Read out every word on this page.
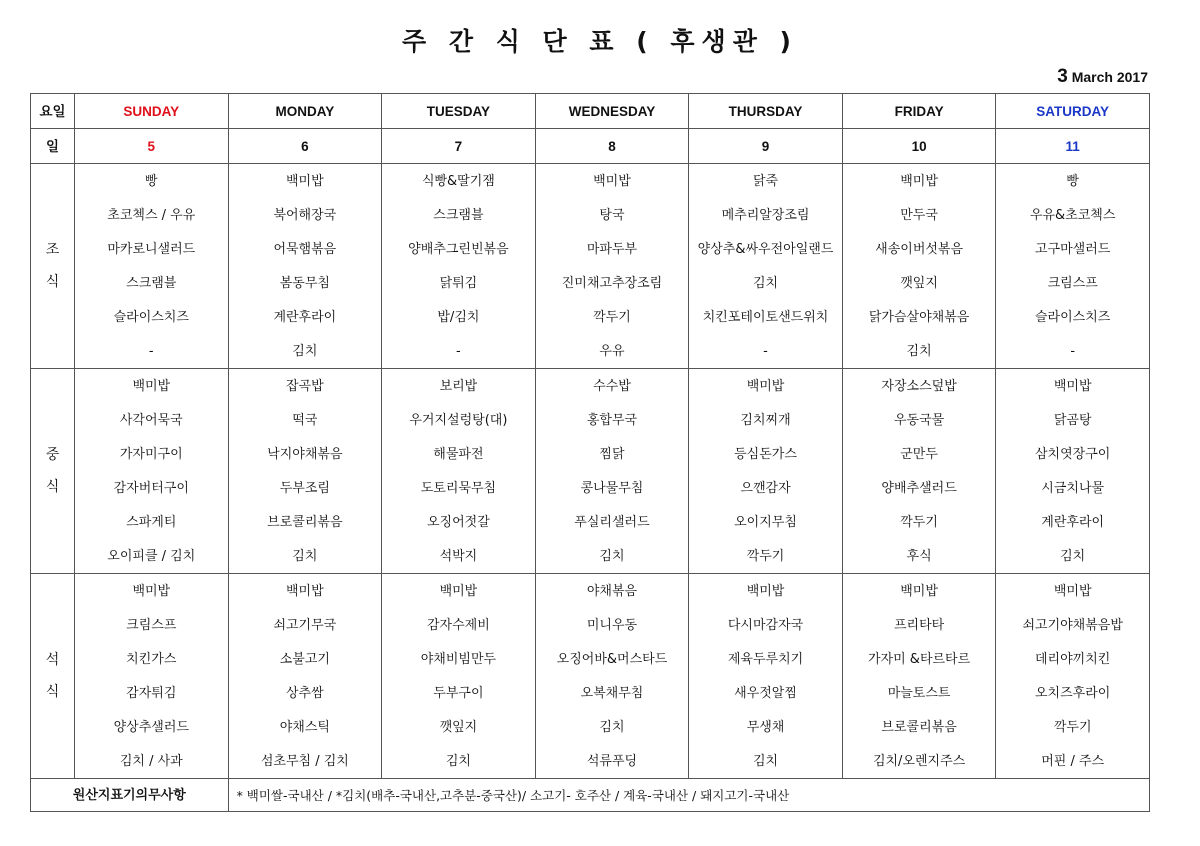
주 간 식 단 표 ( 후생관 )
3 March 2017
요일	SUNDAY	MONDAY	TUESDAY	WEDNESDAY	THURSDAY	FRIDAY	SATURDAY
일	5	6	7	8	9	10	11
조
식	빵	백미밥	식빵&딸기잼	백미밥	닭죽	백미밥	빵
	초코첵스 / 우유	북어해장국	스크램블	탕국	메추리알장조림	만두국	우유&초코첵스
	마카로니샐러드	어묵햄볶음	양배추그린빈볶음	마파두부	양상추&싸우전아일랜드	새송이버섯볶음	고구마샐러드
	스크램블	봄동무침	닭튀김	진미채고추장조림	김치	깻잎지	크림스프
	슬라이스치즈	계란후라이	밥/김치	깍두기	치킨포테이토샌드위치	닭가슴살야채볶음	슬라이스치즈
	-	김치	-	우유	-	김치	-
중
식	백미밥	잡곡밥	보리밥	수수밥	백미밥	자장소스덮밥	백미밥
	사각어묵국	떡국	우거지설렁탕(대)	홍합무국	김치찌개	우동국물	닭곰탕
	가자미구이	낙지야채볶음	해물파전	찜닭	등심돈가스	군만두	삼치엿장구이
	감자버터구이	두부조림	도토리묵무침	콩나물무침	으깬감자	양배추샐러드	시금치나물
	스파게티	브로콜리볶음	오징어젓갈	푸실리샐러드	오이지무침	깍두기	계란후라이
	오이피클 / 김치	김치	석박지	김치	깍두기	후식	김치
석
식	백미밥	백미밥	백미밥	야채볶음	백미밥	백미밥	백미밥
	크림스프	쇠고기무국	감자수제비	미니우동	다시마감자국	프리타타	쇠고기야채볶음밥
	치킨가스	소불고기	야채비빔만두	오징어바&머스타드	제육두루치기	가자미 &타르타르	데리야끼치킨
	감자튀김	상추쌈	두부구이	오복채무침	새우젓알찜	마늘토스트	오치즈후라이
	양상추샐러드	야채스틱	깻잎지	김치	무생채	브로콜리볶음	깍두기
	김치 / 사과	섬초무침 / 김치	김치	석류푸딩	김치	김치/오렌지주스	머핀 / 주스
원산지표기의무사항		* 백미쌀-국내산 / *김치(배추-국내산,고추분-중국산)/ 소고기- 호주산 / 계육-국내산 / 돼지고기-국내산					
